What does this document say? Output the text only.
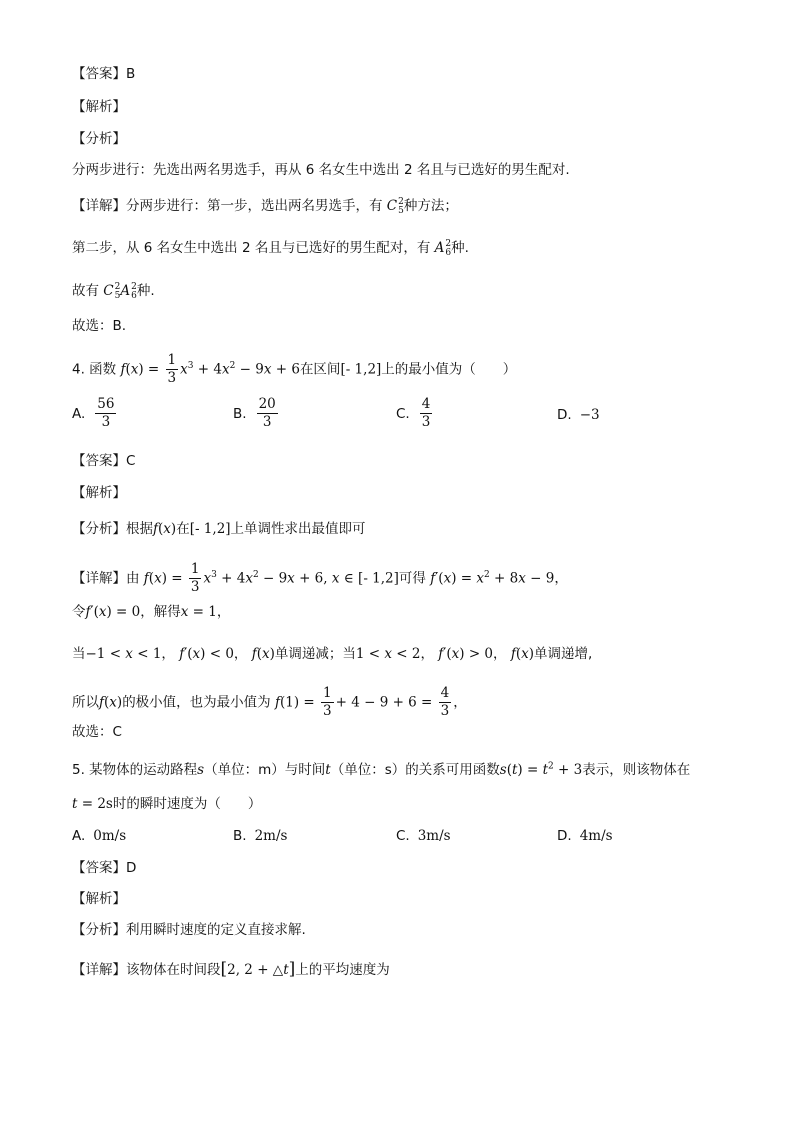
【答案】B
【解析】
【分析】
分两步进行：先选出两名男选手，再从 6 名女生中选出 2 名且与已选好的男生配对.
【详解】分两步进行：第一步，选出两名男选手，有 C 2
5 种方法；
第二步，从 6 名女生中选出 2 名且与已选好的男生配对，有 A 2
6 种.
故有 C 2
5 A 2
6 种.
故选：B.
4. 函数 $f(x) = \frac{1}{3} x^3 + 4x^2 - 9x + 6$在区间[- 1,2]上的最小值为（　　）
A. $\frac{56}{3}$	B. $\frac{20}{3}$	C. $\frac{4}{3}$	D. −3
【答案】C
【解析】
【分析】根据f(x)在[- 1,2]上单调性求出最值即可
【详解】由 $f(x) = \frac{1}{3} x^3 + 4x^2 - 9x + 6$, x ∈ [- 1,2]可得 $f'(x) = x^2 + 8x - 9$，
令f′(x) = 0，解得x = 1，
当−1 < x < 1， f′(x) < 0， f(x)单调递减；当1 < x < 2， f′(x) > 0， f(x)单调递增,
所以f(x)的极小值，也为最小值为 $f(1) = \frac{1}{3} + 4 - 9 + 6 = \frac{4}{3}$ ，
故选：C
5. 某物体的运动路程s（单位：m）与时间t（单位：s）的关系可用函数$s(t) = t^2 + 3$表示，则该物体在
t = 2s时的瞬时速度为（　　）
A. 0m/s	B. 2m/s	C. 3m/s	D. 4m/s
【答案】D
【解析】
【分析】利用瞬时速度的定义直接求解.
【详解】该物体在时间段[2, 2 + △t]上的平均速度为
